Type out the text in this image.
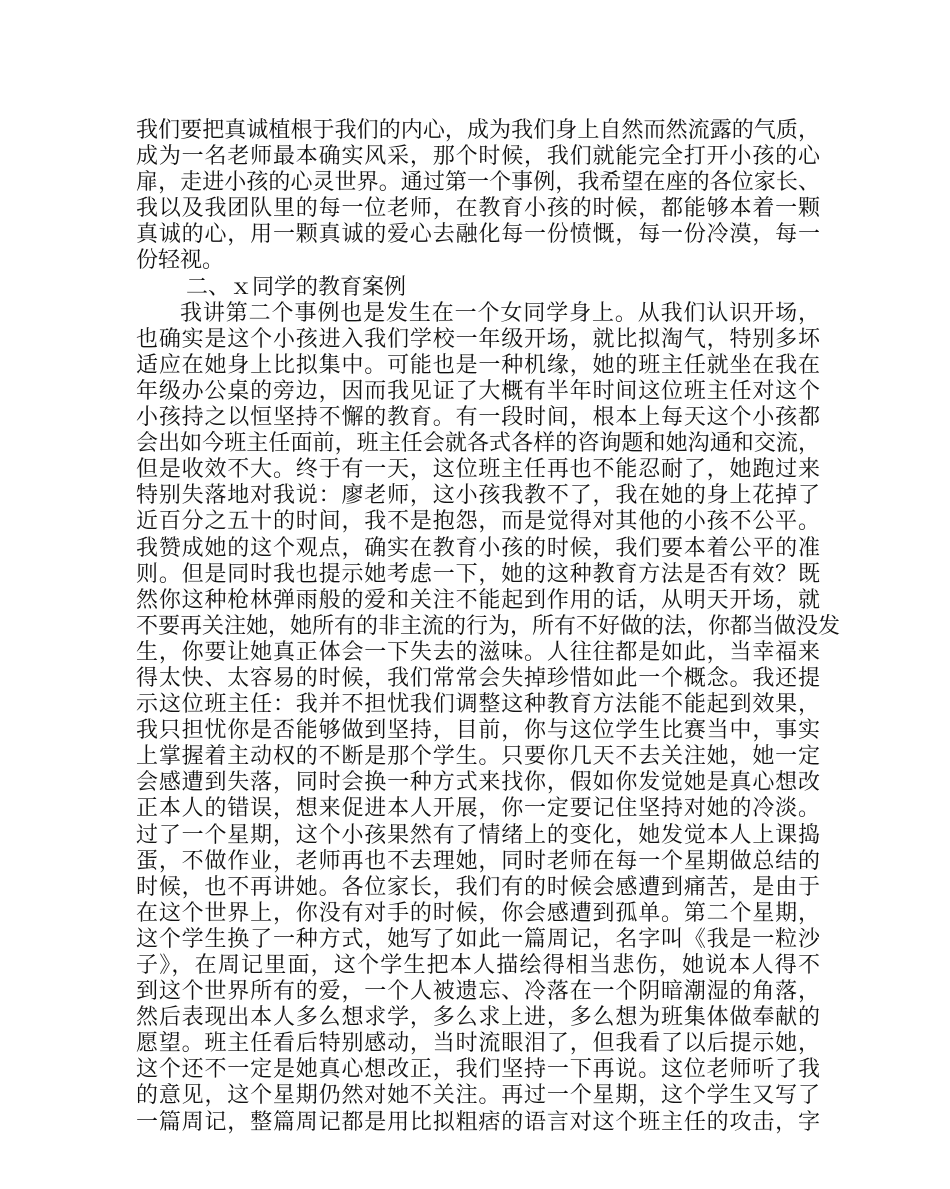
我们要把真诚植根于我们的内心，成为我们身上自然而然流露的气质，
成为一名老师最本确实风采，那个时候，我们就能完全打开小孩的心
扉，走进小孩的心灵世界。通过第一个事例，我希望在座的各位家长、
我以及我团队里的每一位老师，在教育小孩的时候，都能够本着一颗
真诚的心，用一颗真诚的爱心去融化每一份愤慨，每一份冷漠，每一
份轻视。
二、ｘ同学的教育案例
我讲第二个事例也是发生在一个女同学身上。从我们认识开场，
也确实是这个小孩进入我们学校一年级开场，就比拟淘气，特别多坏
适应在她身上比拟集中。可能也是一种机缘，她的班主任就坐在我在
年级办公桌的旁边，因而我见证了大概有半年时间这位班主任对这个
小孩持之以恒坚持不懈的教育。有一段时间，根本上每天这个小孩都
会出如今班主任面前，班主任会就各式各样的咨询题和她沟通和交流，
但是收效不大。终于有一天，这位班主任再也不能忍耐了，她跑过来
特别失落地对我说：廖老师，这小孩我教不了，我在她的身上花掉了
近百分之五十的时间，我不是抱怨，而是觉得对其他的小孩不公平。
我赞成她的这个观点，确实在教育小孩的时候，我们要本着公平的准
则。但是同时我也提示她考虑一下，她的这种教育方法是否有效？既
然你这种枪林弹雨般的爱和关注不能起到作用的话，从明天开场，就
不要再关注她，她所有的非主流的行为，所有不好做的法，你都当做没发
生，你要让她真正体会一下失去的滋味。人往往都是如此，当幸福来
得太快、太容易的时候，我们常常会失掉珍惜如此一个概念。我还提
示这位班主任：我并不担忧我们调整这种教育方法能不能起到效果，
我只担忧你是否能够做到坚持，目前，你与这位学生比赛当中，事实
上掌握着主动权的不断是那个学生。只要你几天不去关注她，她一定
会感遭到失落，同时会换一种方式来找你，假如你发觉她是真心想改
正本人的错误，想来促进本人开展，你一定要记住坚持对她的冷淡。
过了一个星期，这个小孩果然有了情绪上的变化，她发觉本人上课捣
蛋，不做作业，老师再也不去理她，同时老师在每一个星期做总结的
时候，也不再讲她。各位家长，我们有的时候会感遭到痛苦，是由于
在这个世界上，你没有对手的时候，你会感遭到孤单。第二个星期，
这个学生换了一种方式，她写了如此一篇周记，名字叫《我是一粒沙
子》，在周记里面，这个学生把本人描绘得相当悲伤，她说本人得不
到这个世界所有的爱，一个人被遗忘、冷落在一个阴暗潮湿的角落，
然后表现出本人多么想求学，多么求上进，多么想为班集体做奉献的
愿望。班主任看后特别感动，当时流眼泪了，但我看了以后提示她，
这个还不一定是她真心想改正，我们坚持一下再说。这位老师听了我
的意见，这个星期仍然对她不关注。再过一个星期，这个学生又写了
一篇周记，整篇周记都是用比拟粗痞的语言对这个班主任的攻击，字
